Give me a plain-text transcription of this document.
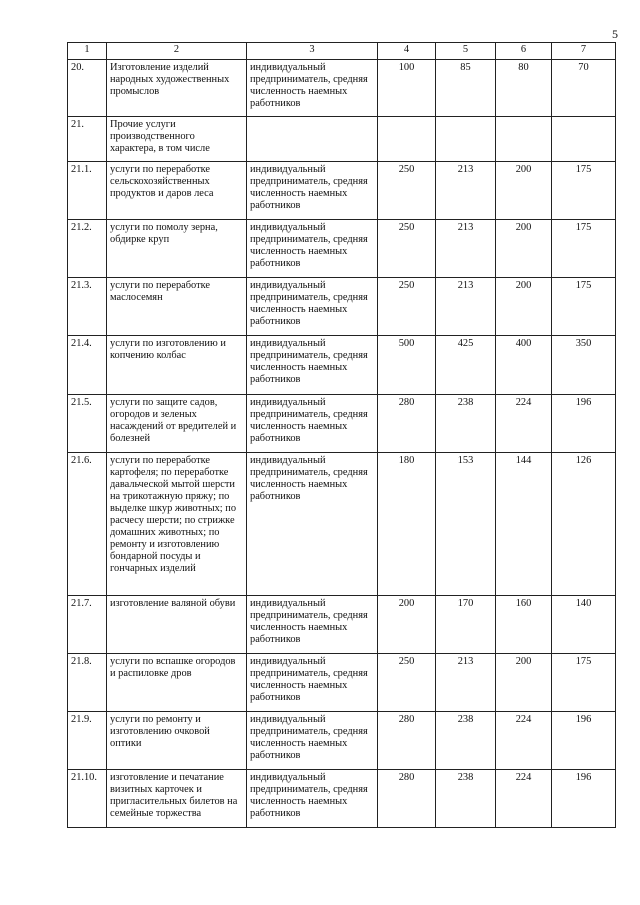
5
1	2	3	4	5	6	7
20.	Изготовление изделий народных художественных промыслов	индивидуальный предприниматель, средняя численность наемных работников	100	85	80	70
21.	Прочие услуги производственного характера, в том числе					
21.1.	услуги по переработке сельскохозяйственных продуктов и даров леса	индивидуальный предприниматель, средняя численность наемных работников	250	213	200	175
21.2.	услуги по помолу зерна, обдирке круп	индивидуальный предприниматель, средняя численность наемных работников	250	213	200	175
21.3.	услуги по переработке маслосемян	индивидуальный предприниматель, средняя численность наемных работников	250	213	200	175
21.4.	услуги по изготовлению и копчению колбас	индивидуальный предприниматель, средняя численность наемных работников	500	425	400	350
21.5.	услуги по защите садов, огородов и зеленых насаждений от вредителей и болезней	индивидуальный предприниматель, средняя численность наемных работников	280	238	224	196
21.6.	услуги по переработке картофеля; по переработке давальческой мытой шерсти на трикотажную пряжу; по выделке шкур животных; по расчесу шерсти; по стрижке домашних животных; по ремонту и изготовлению бондарной посуды и гончарных изделий	индивидуальный предприниматель, средняя численность наемных работников	180	153	144	126
21.7.	изготовление валяной обуви	индивидуальный предприниматель, средняя численность наемных работников	200	170	160	140
21.8.	услуги по вспашке огородов и распиловке дров	индивидуальный предприниматель, средняя численность наемных работников	250	213	200	175
21.9.	услуги по ремонту и изготовлению очковой оптики	индивидуальный предприниматель, средняя численность наемных работников	280	238	224	196
21.10.	изготовление и печатание визитных карточек и пригласительных билетов на семейные торжества	индивидуальный предприниматель, средняя численность наемных работников	280	238	224	196
